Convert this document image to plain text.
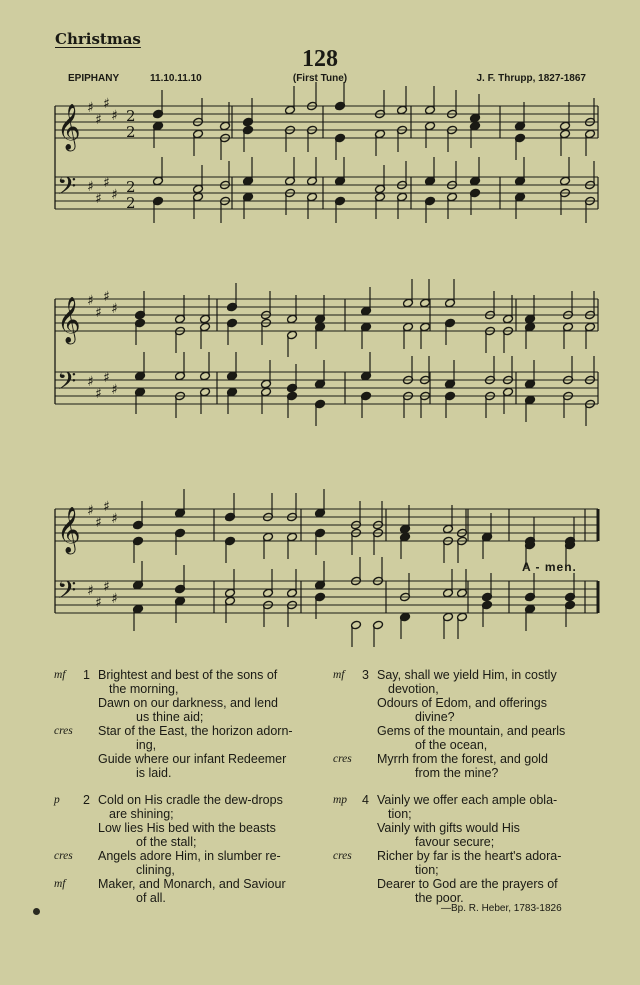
Christmas
128
EPIPHANY	11.10.11.10	(First Tune)	J. F. Thrupp, 1827-1867
𝄞
𝄢
♯
♯
♯
♯
♯
♯
♯
♯
2
2
2
2
𝄞
𝄢
♯
♯
♯
♯
♯
♯
♯
♯
𝄞
𝄢
♯
♯
♯
♯
♯
♯
♯
♯
A - men.
mf 1 Brightest and best of the sons of
the morning,
Dawn on our darkness, and lend
us thine aid;
cres	Star of the East, the horizon adorn-
ing,
Guide where our infant Redeemer
is laid.
p 2 Cold on His cradle the dew-drops
are shining;
Low lies His bed with the beasts
of the stall;
cres	Angels adore Him, in slumber re-
clining,
mf	Maker, and Monarch, and Saviour
of all.
mf 3 Say, shall we yield Him, in costly
devotion,
Odours of Edom, and offerings
divine?
Gems of the mountain, and pearls
of the ocean,
cres	Myrrh from the forest, and gold
from the mine?
mp 4 Vainly we offer each ample obla-
tion;
Vainly with gifts would His
favour secure;
cres	Richer by far is the heart's adora-
tion;
Dearer to God are the prayers of
the poor.
—Bp. R. Heber, 1783-1826
